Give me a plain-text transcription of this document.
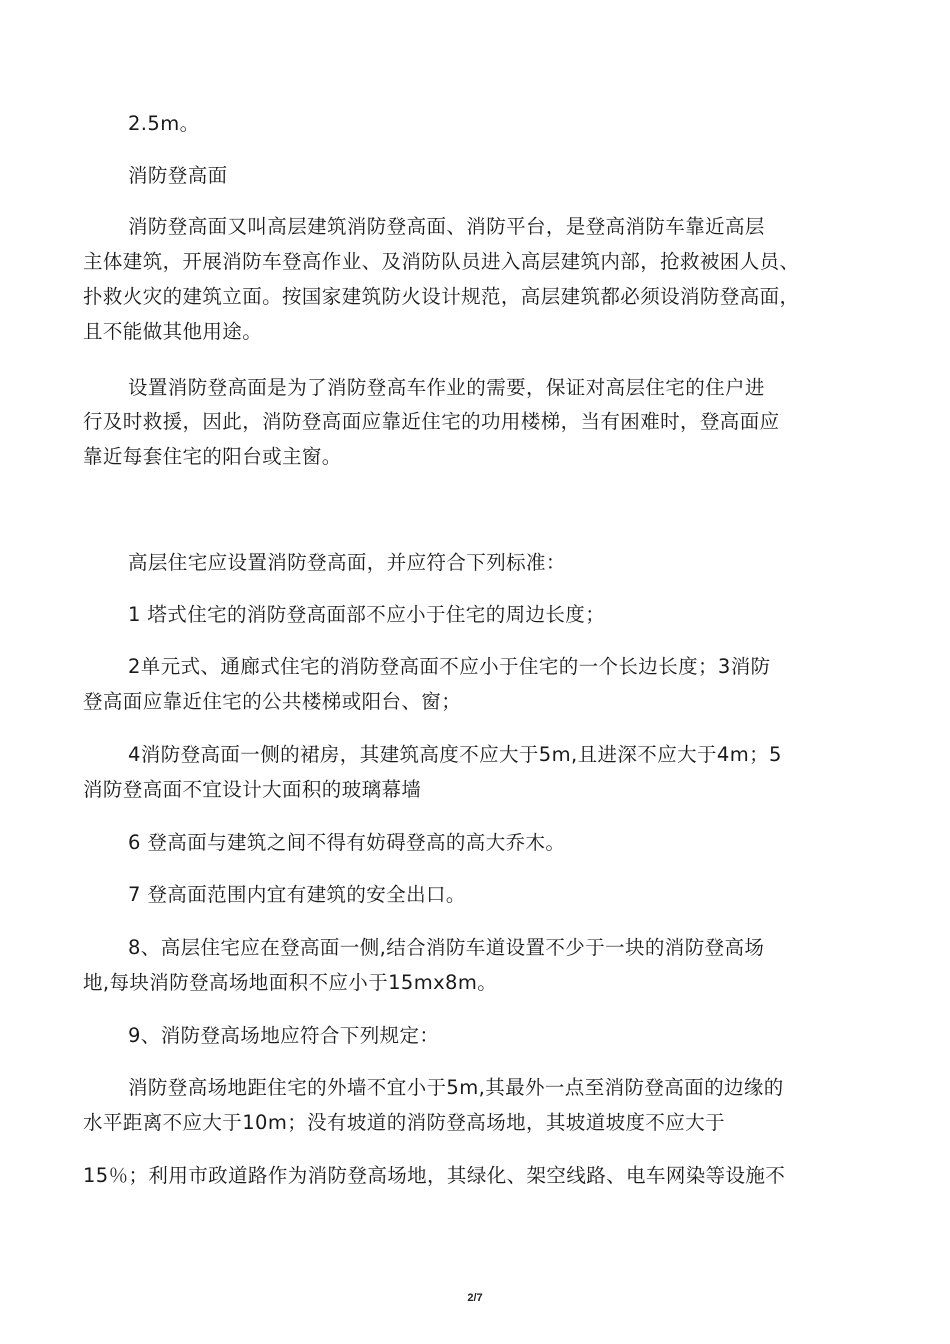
2.5m。
消防登高面
消防登高面又叫高层建筑消防登高面、消防平台，是登高消防车靠近高层
主体建筑，开展消防车登高作业、及消防队员进入高层建筑内部，抢救被困人员、
扑救火灾的建筑立面。按国家建筑防火设计规范，高层建筑都必须设消防登高面，
且不能做其他用途。
设置消防登高面是为了消防登高车作业的需要，保证对高层住宅的住户进
行及时救援，因此，消防登高面应靠近住宅的功用楼梯，当有困难时，登高面应
靠近每套住宅的阳台或主窗。
高层住宅应设置消防登高面，并应符合下列标准：
1 塔式住宅的消防登高面部不应小于住宅的周边长度；
2单元式、通廊式住宅的消防登高面不应小于住宅的一个长边长度；3消防
登高面应靠近住宅的公共楼梯或阳台、窗；
4消防登高面一侧的裙房，其建筑高度不应大于5m,且进深不应大于4m；5
消防登高面不宜设计大面积的玻璃幕墙
6 登高面与建筑之间不得有妨碍登高的高大乔木。
7 登高面范围内宜有建筑的安全出口。
8、高层住宅应在登高面一侧,结合消防车道设置不少于一块的消防登高场
地,每块消防登高场地面积不应小于15mx8m。
9、消防登高场地应符合下列规定：
消防登高场地距住宅的外墙不宜小于5m,其最外一点至消防登高面的边缘的
水平距离不应大于10m；没有坡道的消防登高场地，其坡道坡度不应大于
15％；利用市政道路作为消防登高场地，其绿化、架空线路、电车网染等设施不
2/7
